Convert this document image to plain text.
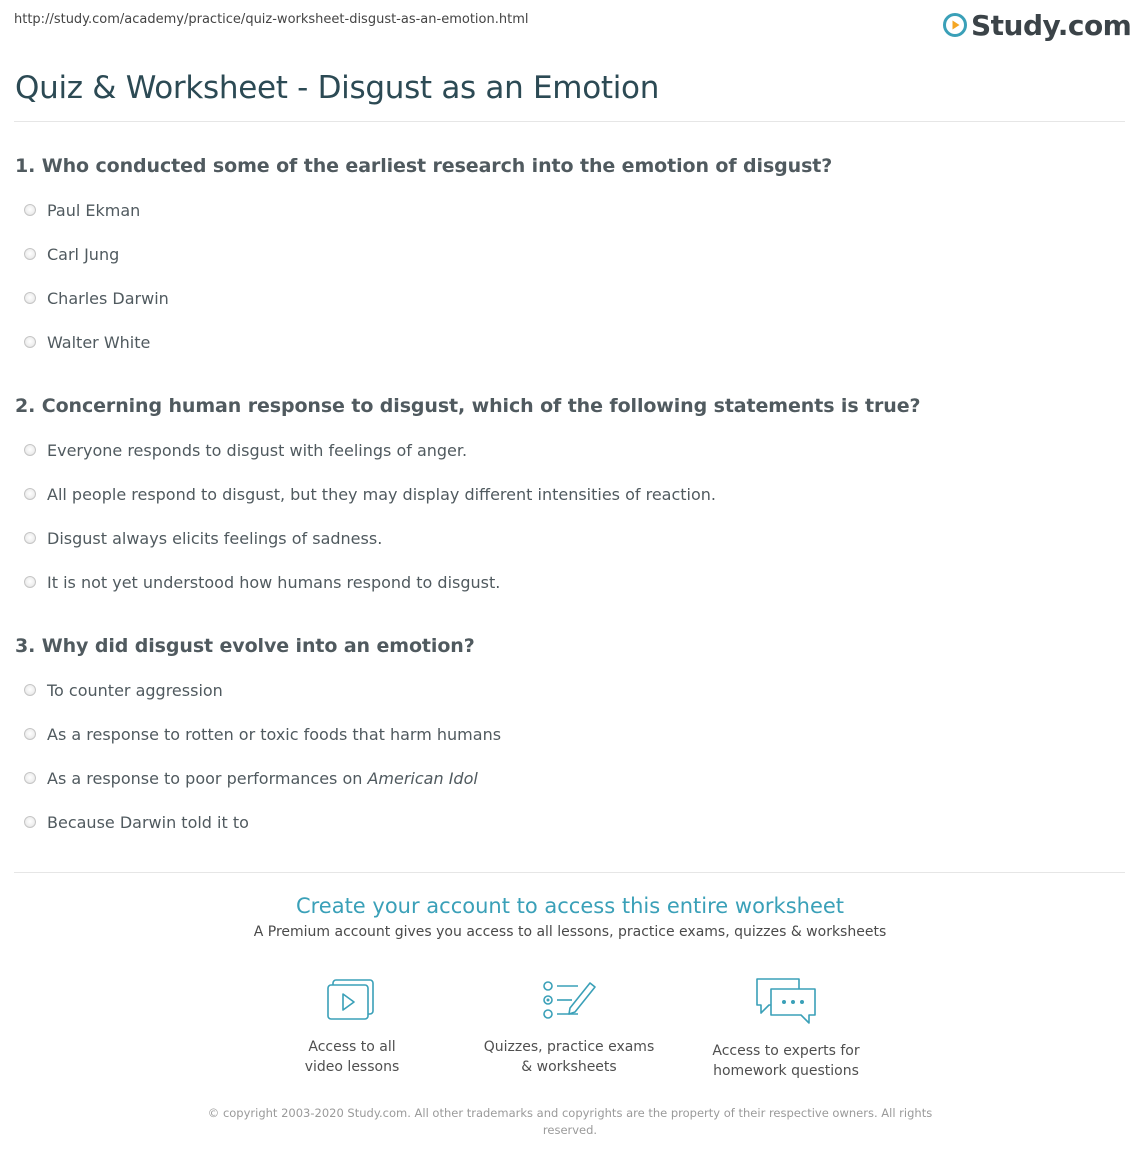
http://study.com/academy/practice/quiz-worksheet-disgust-as-an-emotion.html	Study.com
Quiz & Worksheet - Disgust as an Emotion
1. Who conducted some of the earliest research into the emotion of disgust?
Paul Ekman
Carl Jung
Charles Darwin
Walter White
2. Concerning human response to disgust, which of the following statements is true?
Everyone responds to disgust with feelings of anger.
All people respond to disgust, but they may display different intensities of reaction.
Disgust always elicits feelings of sadness.
It is not yet understood how humans respond to disgust.
3. Why did disgust evolve into an emotion?
To counter aggression
As a response to rotten or toxic foods that harm humans
As a response to poor performances on American Idol
Because Darwin told it to
Create your account to access this entire worksheet

A Premium account gives you access to all lessons, practice exams, quizzes & worksheets

Access to all
video lessons
Quizzes, practice exams
& worksheets
Access to experts for
homework questions
© copyright 2003-2020 Study.com. All other trademarks and copyrights are the property of their respective owners. All rights
reserved.
